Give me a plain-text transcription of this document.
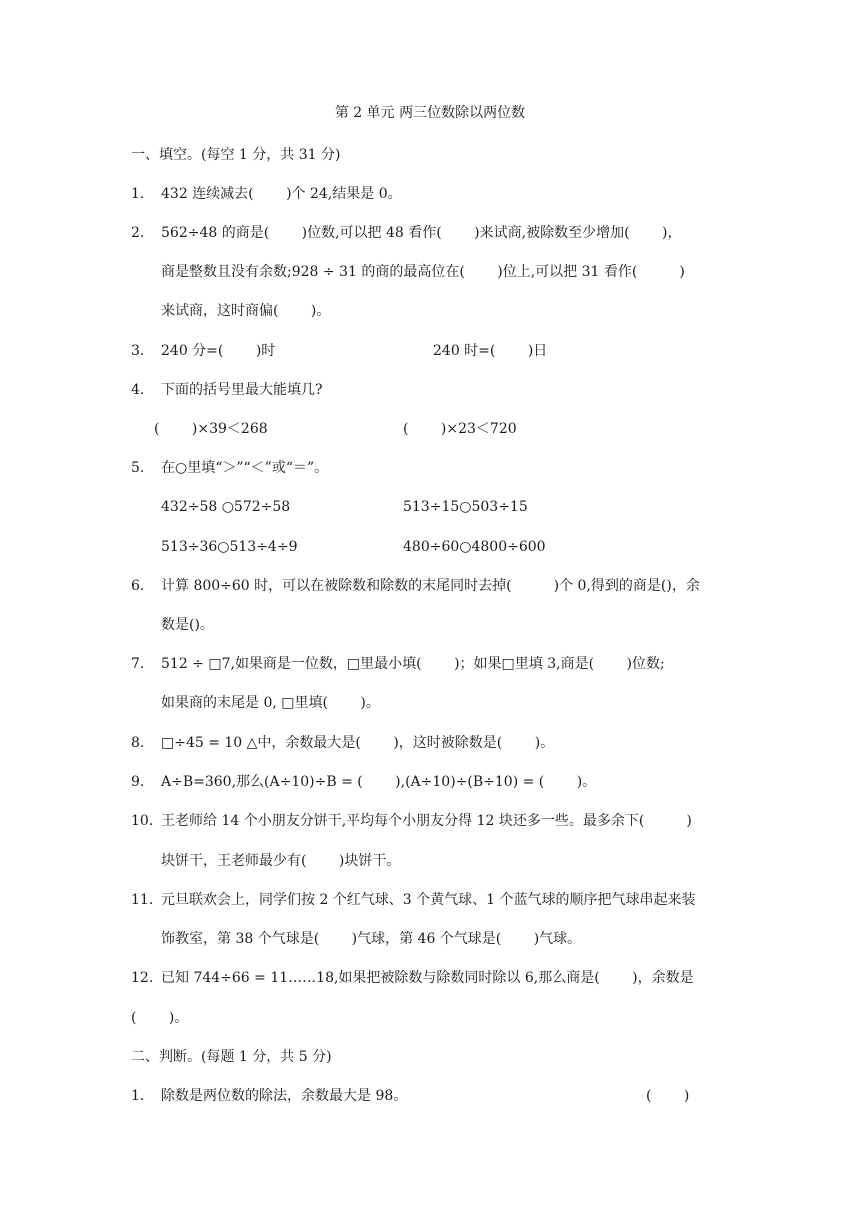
第 2 单元 两三位数除以两位数
一、填空。(每空 1 分，共 31 分)
1. 432 连续减去(　　 )个 24,结果是 0。
2. 562÷48 的商是(　　 )位数,可以把 48 看作(　　 )来试商,被除数至少增加(　　 )，
商是整数且没有余数;928 ÷ 31 的商的最高位在(　　 )位上,可以把 31 看作(　　　)
来试商，这时商偏(　　 )。
3. 240 分=(　　 )时	240 时=(　　 )日
4. 下面的括号里最大能填几?
(　　 )×39＜268	(　　 )×23＜720
5. 在○里填“＞”“＜”或“＝”。
432÷58 ○572÷58	513÷15○503÷15
513÷36○513÷4÷9	480÷60○4800÷600
6. 计算 800÷60 时，可以在被除数和除数的末尾同时去掉(　　　)个 0,得到的商是()，余
数是()。
7. 512 ÷ □7,如果商是一位数，□里最小填(　　 )；如果□里填 3,商是(　　 )位数;
如果商的末尾是 0, □里填(　　 )。
8. □÷45 = 10 △中，余数最大是(　　 )，这时被除数是(　　 )。
9. A÷B=360,那么(A÷10)÷B = (　　 ),(A÷10)÷(B÷10) = (　　 )。
10. 王老师给 14 个小朋友分饼干,平均每个小朋友分得 12 块还多一些。最多余下(　　　)
块饼干，王老师最少有(　　 )块饼干。
11. 元旦联欢会上，同学们按 2 个红气球、3 个黄气球、1 个蓝气球的顺序把气球串起来装
饰教室，第 38 个气球是(　　 )气球，第 46 个气球是(　　 )气球。
12. 已知 744÷66 = 11……18,如果把被除数与除数同时除以 6,那么商是(　　 )，余数是
(　　 )。
二、判断。(每题 1 分，共 5 分)
1. 除数是两位数的除法，余数最大是 98。	(　　 )
